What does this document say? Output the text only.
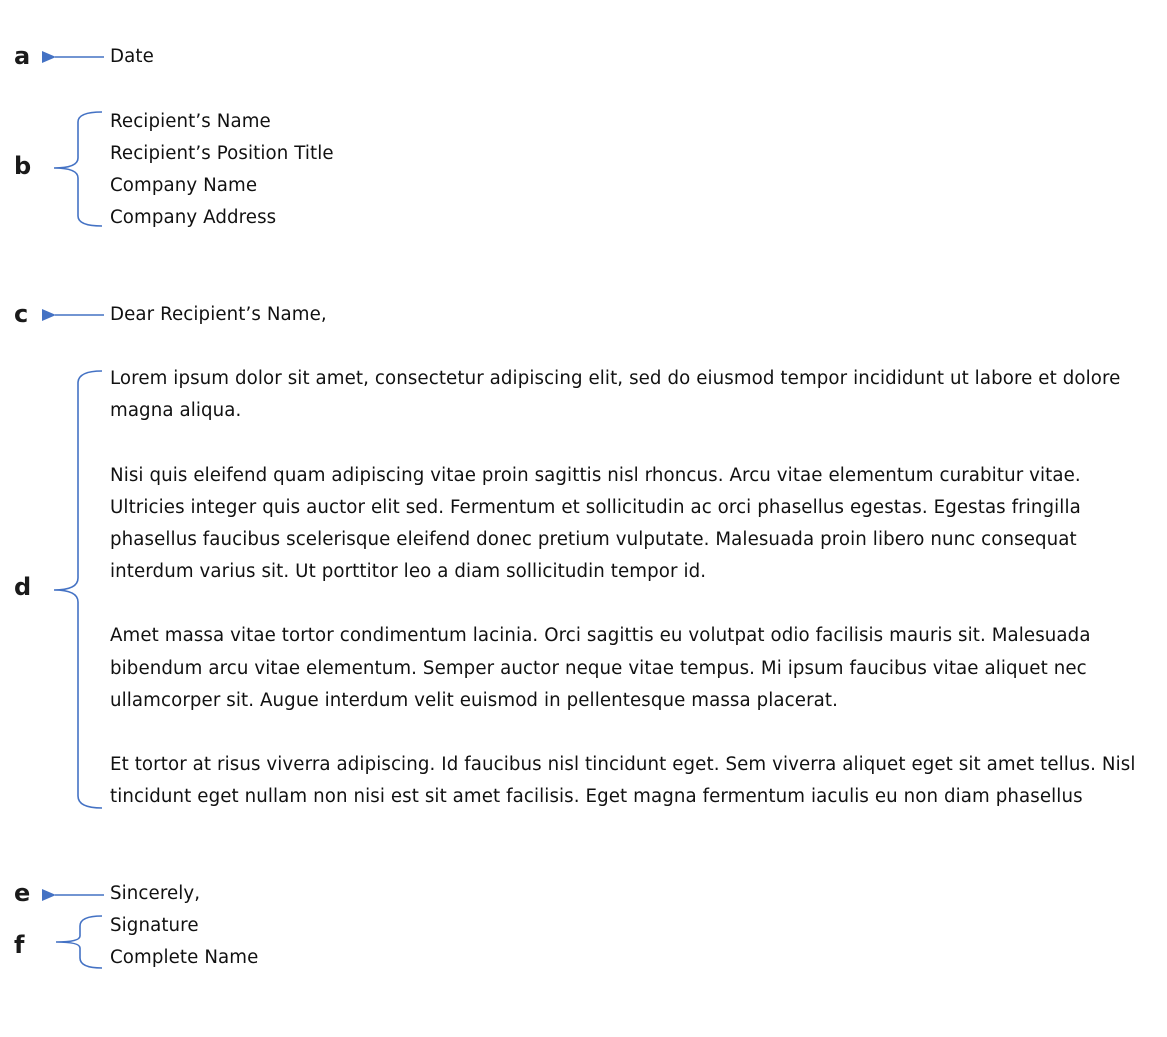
a
b
c
d
e
f
Date
Recipient’s Name
Recipient’s Position Title
Company Name
Company Address
Dear Recipient’s Name,
Lorem ipsum dolor sit amet, consectetur adipiscing elit, sed do eiusmod tempor incididunt ut labore et dolore
magna aliqua.
Nisi quis eleifend quam adipiscing vitae proin sagittis nisl rhoncus. Arcu vitae elementum curabitur vitae.
Ultricies integer quis auctor elit sed. Fermentum et sollicitudin ac orci phasellus egestas. Egestas fringilla
phasellus faucibus scelerisque eleifend donec pretium vulputate. Malesuada proin libero nunc consequat
interdum varius sit. Ut porttitor leo a diam sollicitudin tempor id.
Amet massa vitae tortor condimentum lacinia. Orci sagittis eu volutpat odio facilisis mauris sit. Malesuada
bibendum arcu vitae elementum. Semper auctor neque vitae tempus. Mi ipsum faucibus vitae aliquet nec
ullamcorper sit. Augue interdum velit euismod in pellentesque massa placerat.
Et tortor at risus viverra adipiscing. Id faucibus nisl tincidunt eget. Sem viverra aliquet eget sit amet tellus. Nisl
tincidunt eget nullam non nisi est sit amet facilisis. Eget magna fermentum iaculis eu non diam phasellus
Sincerely,
Signature
Complete Name
